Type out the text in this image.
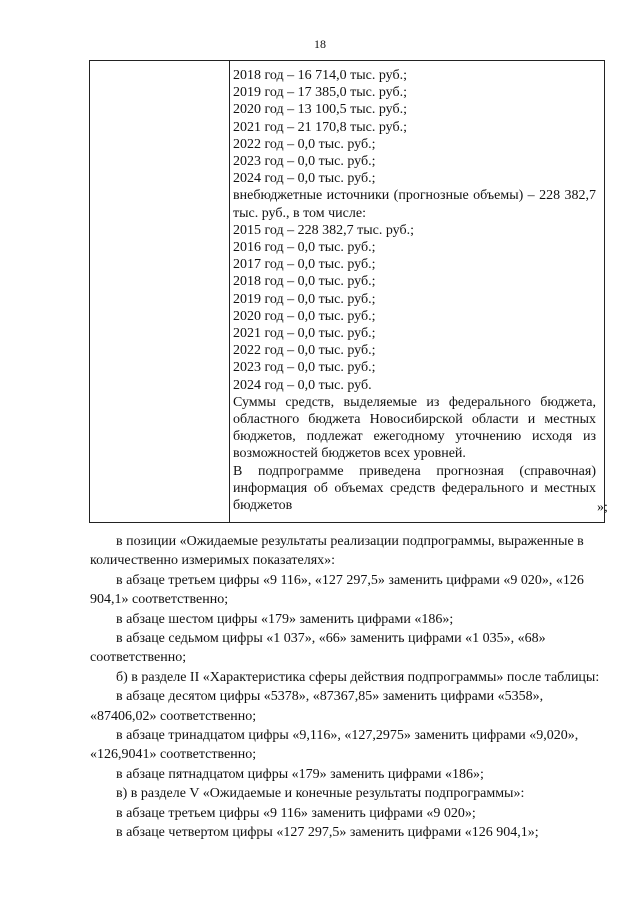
18
2018 год – 16 714,0 тыс. руб.;
2019 год – 17 385,0 тыс. руб.;
2020 год – 13 100,5 тыс. руб.;
2021 год – 21 170,8 тыс. руб.;
2022 год – 0,0 тыс. руб.;
2023 год – 0,0 тыс. руб.;
2024 год – 0,0 тыс. руб.;
внебюджетные источники (прогнозные объемы) – 228 382,7 тыс. руб., в том числе:
2015 год – 228 382,7 тыс. руб.;
2016 год – 0,0 тыс. руб.;
2017 год – 0,0 тыс. руб.;
2018 год – 0,0 тыс. руб.;
2019 год – 0,0 тыс. руб.;
2020 год – 0,0 тыс. руб.;
2021 год – 0,0 тыс. руб.;
2022 год – 0,0 тыс. руб.;
2023 год – 0,0 тыс. руб.;
2024 год – 0,0 тыс. руб.
Суммы средств, выделяемые из федерального бюджета, областного бюджета Новосибирской области и местных бюджетов, подлежат ежегодному уточнению исходя из возможностей бюджетов всех уровней.
В подпрограмме приведена прогнозная (справочная) информация об объемах средств федерального и местных бюджетов	»;

в позиции «Ожидаемые результаты реализации подпрограммы, выраженные в количественно измеримых показателях»:

в абзаце третьем цифры «9 116», «127 297,5» заменить цифрами «9 020», «126 904,1» соответственно;

в абзаце шестом цифры «179» заменить цифрами «186»;

в абзаце седьмом цифры «1 037», «66» заменить цифрами «1 035», «68» соответственно;

б) в разделе II «Характеристика сферы действия подпрограммы» после таблицы:

в абзаце десятом цифры «5378», «87367,85» заменить цифрами «5358», «87406,02» соответственно;

в абзаце тринадцатом цифры «9,116», «127,2975» заменить цифрами «9,020», «126,9041» соответственно;

в абзаце пятнадцатом цифры «179» заменить цифрами «186»;

в) в разделе V «Ожидаемые и конечные результаты подпрограммы»:

в абзаце третьем цифры «9 116» заменить цифрами «9 020»;

в абзаце четвертом цифры «127 297,5» заменить цифрами «126 904,1»;
